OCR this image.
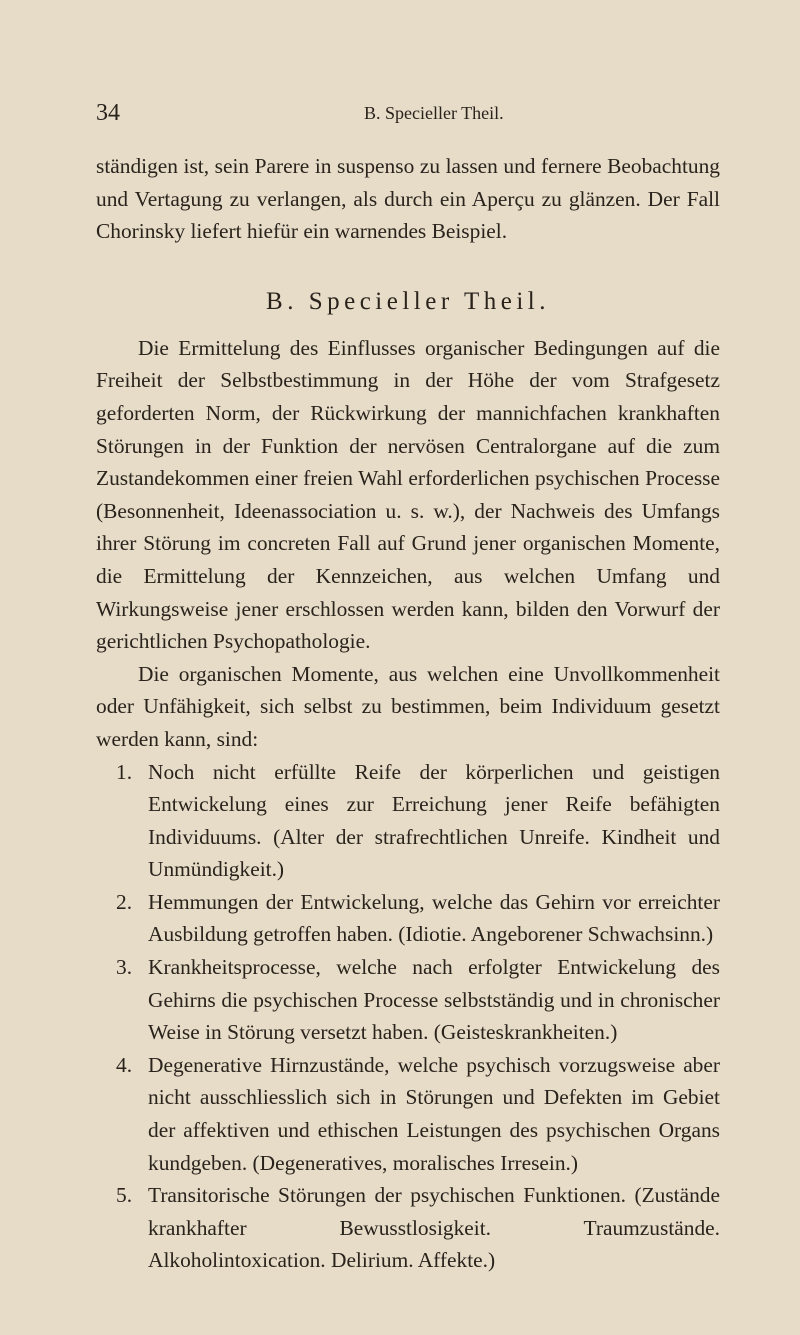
34	B. Specieller Theil.

ständigen ist, sein Parere in suspenso zu lassen und fernere Beobachtung und Vertagung zu verlangen, als durch ein Aperçu zu glänzen. Der Fall Chorinsky liefert hiefür ein warnendes Beispiel.

B. Specieller Theil.

Die Ermittelung des Einflusses organischer Bedingungen auf die Freiheit der Selbstbestimmung in der Höhe der vom Strafgesetz geforderten Norm, der Rückwirkung der mannichfachen krankhaften Störungen in der Funktion der nervösen Centralorgane auf die zum Zustandekommen einer freien Wahl erforderlichen psychischen Processe (Besonnenheit, Ideenassociation u. s. w.), der Nachweis des Umfangs ihrer Störung im concreten Fall auf Grund jener organischen Momente, die Ermittelung der Kennzeichen, aus welchen Umfang und Wirkungsweise jener erschlossen werden kann, bilden den Vorwurf der gerichtlichen Psychopathologie.

Die organischen Momente, aus welchen eine Unvollkommenheit oder Unfähigkeit, sich selbst zu bestimmen, beim Individuum gesetzt werden kann, sind:

1. Noch nicht erfüllte Reife der körperlichen und geistigen Entwickelung eines zur Erreichung jener Reife befähigten Individuums. (Alter der strafrechtlichen Unreife. Kindheit und Unmündigkeit.)
2. Hemmungen der Entwickelung, welche das Gehirn vor erreichter Ausbildung getroffen haben. (Idiotie. Angeborener Schwachsinn.)
3. Krankheitsprocesse, welche nach erfolgter Entwickelung des Gehirns die psychischen Processe selbstständig und in chronischer Weise in Störung versetzt haben. (Geisteskrankheiten.)
4. Degenerative Hirnzustände, welche psychisch vorzugsweise aber nicht ausschliesslich sich in Störungen und Defekten im Gebiet der affektiven und ethischen Leistungen des psychischen Organs kundgeben. (Degeneratives, moralisches Irresein.)
5. Transitorische Störungen der psychischen Funktionen. (Zustände krankhafter Bewusstlosigkeit. Traumzustände. Alkoholintoxication. Delirium. Affekte.)
